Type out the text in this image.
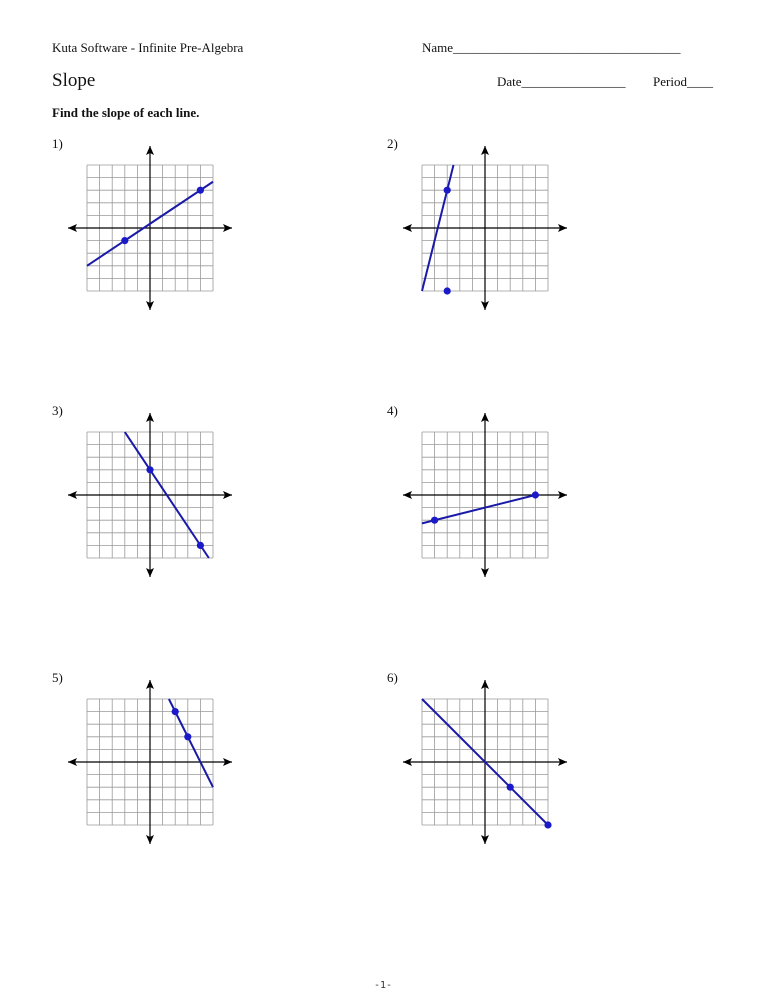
Kuta Software - Infinite Pre-Algebra	Name___________________________________
Slope	Date________________ Period____
Find the slope of each line.
1)	2)
3)	4)
5)	6)
-1-
